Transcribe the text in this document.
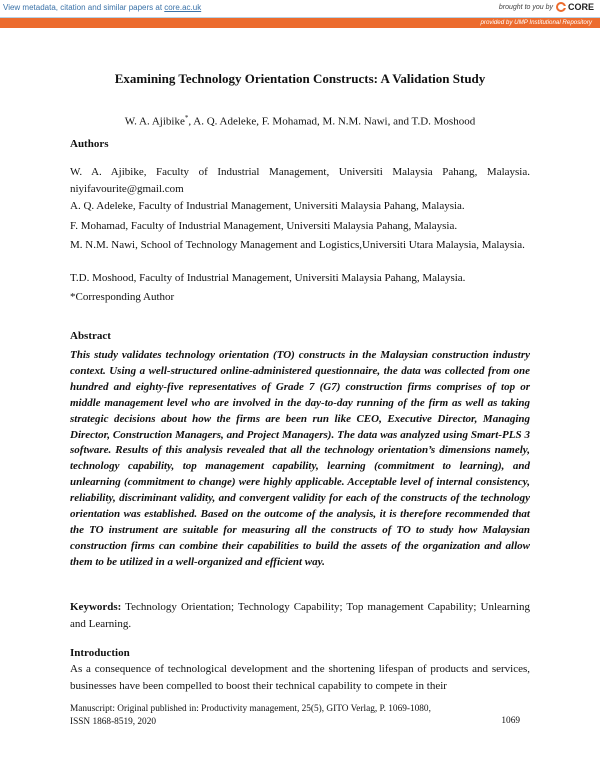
View metadata, citation and similar papers at core.ac.uk	brought to you by CORE
provided by UMP Institutional Repository
Examining Technology Orientation Constructs: A Validation Study
W. A. Ajibike*, A. Q. Adeleke, F. Mohamad, M. N.M. Nawi, and T.D. Moshood
Authors
W. A. Ajibike, Faculty of Industrial Management, Universiti Malaysia Pahang, Malaysia. niyifavourite@gmail.com
A. Q. Adeleke, Faculty of Industrial Management, Universiti Malaysia Pahang, Malaysia.
F. Mohamad, Faculty of Industrial Management, Universiti Malaysia Pahang, Malaysia.
M. N.M. Nawi, School of Technology Management and Logistics,Universiti Utara Malaysia, Malaysia.
T.D. Moshood, Faculty of Industrial Management, Universiti Malaysia Pahang, Malaysia.
*Corresponding Author
Abstract
This study validates technology orientation (TO) constructs in the Malaysian construction industry context. Using a well-structured online-administered questionnaire, the data was collected from one hundred and eighty-five representatives of Grade 7 (G7) construction firms comprises of top or middle management level who are involved in the day-to-day running of the firm as well as taking strategic decisions about how the firms are been run like CEO, Executive Director, Managing Director, Construction Managers, and Project Managers). The data was analyzed using Smart-PLS 3 software. Results of this analysis revealed that all the technology orientation’s dimensions namely, technology capability, top management capability, learning (commitment to learning), and unlearning (commitment to change) were highly applicable. Acceptable level of internal consistency, reliability, discriminant validity, and convergent validity for each of the constructs of the technology orientation was established. Based on the outcome of the analysis, it is therefore recommended that the TO instrument are suitable for measuring all the constructs of TO to study how Malaysian construction firms can combine their capabilities to build the assets of the organization and allow them to be utilized in a well-organized and efficient way.
Keywords: Technology Orientation; Technology Capability; Top management Capability; Unlearning and Learning.
Introduction
As a consequence of technological development and the shortening lifespan of products and services, businesses have been compelled to boost their technical capability to compete in their
Manuscript: Original published in: Productivity management, 25(5), GITO Verlag, P. 1069-1080,
ISSN 1868-8519, 2020	1069
